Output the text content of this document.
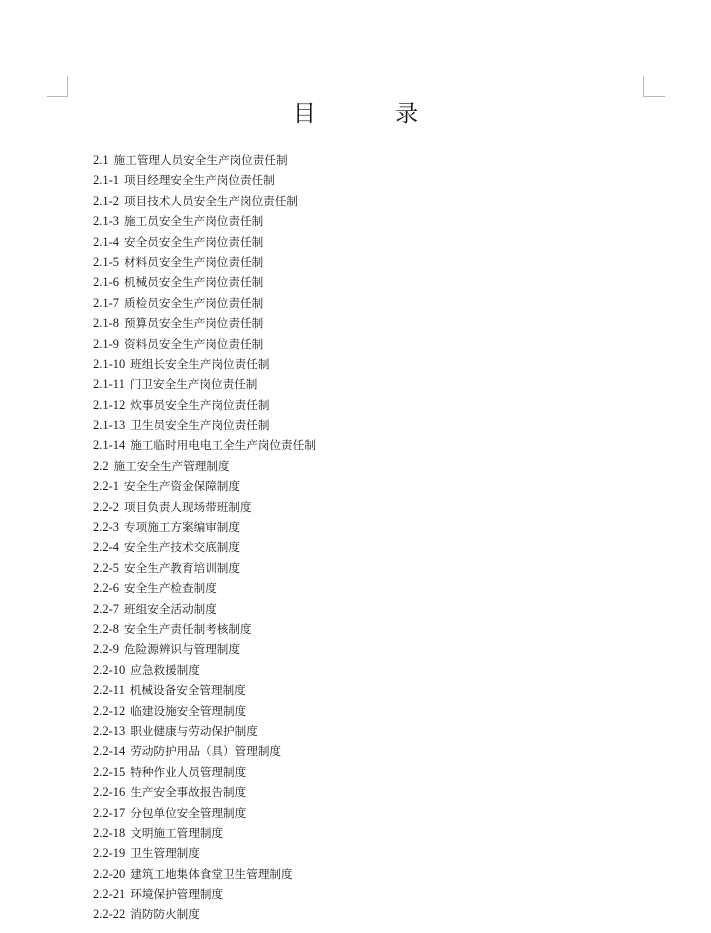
目 录
2.1 施工管理人员安全生产岗位责任制
2.1-1 项目经理安全生产岗位责任制
2.1-2 项目技术人员安全生产岗位责任制
2.1-3 施工员安全生产岗位责任制
2.1-4 安全员安全生产岗位责任制
2.1-5 材料员安全生产岗位责任制
2.1-6 机械员安全生产岗位责任制
2.1-7 质检员安全生产岗位责任制
2.1-8 预算员安全生产岗位责任制
2.1-9 资料员安全生产岗位责任制
2.1-10 班组长安全生产岗位责任制
2.1-11 门卫安全生产岗位责任制
2.1-12 炊事员安全生产岗位责任制
2.1-13 卫生员安全生产岗位责任制
2.1-14 施工临时用电电工全生产岗位责任制
2.2 施工安全生产管理制度
2.2-1 安全生产资金保障制度
2.2-2 项目负责人现场带班制度
2.2-3 专项施工方案编审制度
2.2-4 安全生产技术交底制度
2.2-5 安全生产教育培训制度
2.2-6 安全生产检查制度
2.2-7 班组安全活动制度
2.2-8 安全生产责任制考核制度
2.2-9 危险源辨识与管理制度
2.2-10 应急救援制度
2.2-11 机械设备安全管理制度
2.2-12 临建设施安全管理制度
2.2-13 职业健康与劳动保护制度
2.2-14 劳动防护用品（具）管理制度
2.2-15 特种作业人员管理制度
2.2-16 生产安全事故报告制度
2.2-17 分包单位安全管理制度
2.2-18 文明施工管理制度
2.2-19 卫生管理制度
2.2-20 建筑工地集体食堂卫生管理制度
2.2-21 环境保护管理制度
2.2-22 消防防火制度
